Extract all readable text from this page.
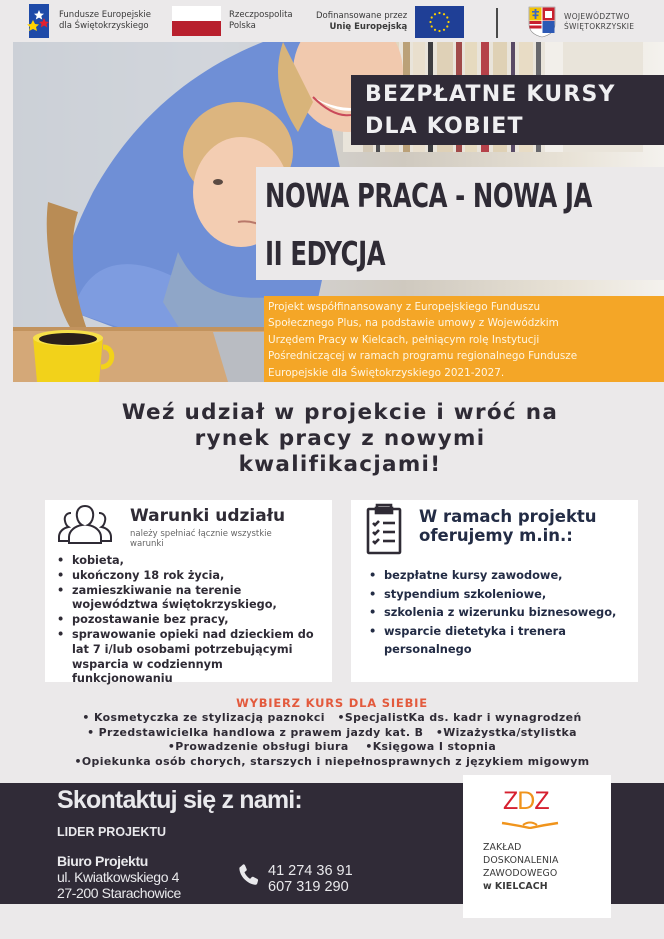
Fundusze Europejskie
dla Świętokrzyskiego
Rzeczpospolita
Polska
Dofinansowane przez
Unię Europejską
WOJEWÓDZTWO
ŚWIĘTOKRZYSKIE
BEZPŁATNE KURSY
DLA KOBIET
NOWA PRACA - NOWA JA
II EDYCJA

Projekt współfinansowany z Europejskiego Funduszu

Społecznego Plus, na podstawie umowy z Wojewódzkim

Urzędem Pracy w Kielcach, pełniącym rolę Instytucji

Pośredniczącej w ramach programu regionalnego Fundusze

Europejskie dla Świętokrzyskiego 2021-2027.

Weź udział w projekcie i wróć na
rynek pracy z nowymi
kwalifikacjami!
Warunki udziału
należy spełniać łącznie wszystkie
warunki
• kobieta,
• ukończony 18 rok życia,
• zamieszkiwanie na terenie województwa świętokrzyskiego,
• pozostawanie bez pracy,
• sprawowanie opieki nad dzieckiem do lat 7 i/lub osobami potrzebującymi wsparcia w codziennym funkcjonowaniu
W ramach projektu
oferujemy m.in.:
• bezpłatne kursy zawodowe,
• stypendium szkoleniowe,
• szkolenia z wizerunku biznesowego,
• wsparcie dietetyka i trenera personalnego
WYBIERZ KURS DLA SIEBIE
• Kosmetyczka ze stylizacją paznokci   •SpecjalistKa ds. kadr i wynagrodzeń
• Przedstawicielka handlowa z prawem jazdy kat. B   •Wizażystka/stylistka
•Prowadzenie obsługi biura    •Księgowa I stopnia
•Opiekunka osób chorych, starszych i niepełnosprawnych z językiem migowym
Skontaktuj się z nami:
LIDER PROJEKTU
Biuro Projektu
ul. Kwiatkowskiego 4
27-200 Starachowice
41 274 36 91
607 319 290
ZDZ
ZAKŁAD
DOSKONALENIA
ZAWODOWEGO
w KIELCACH
